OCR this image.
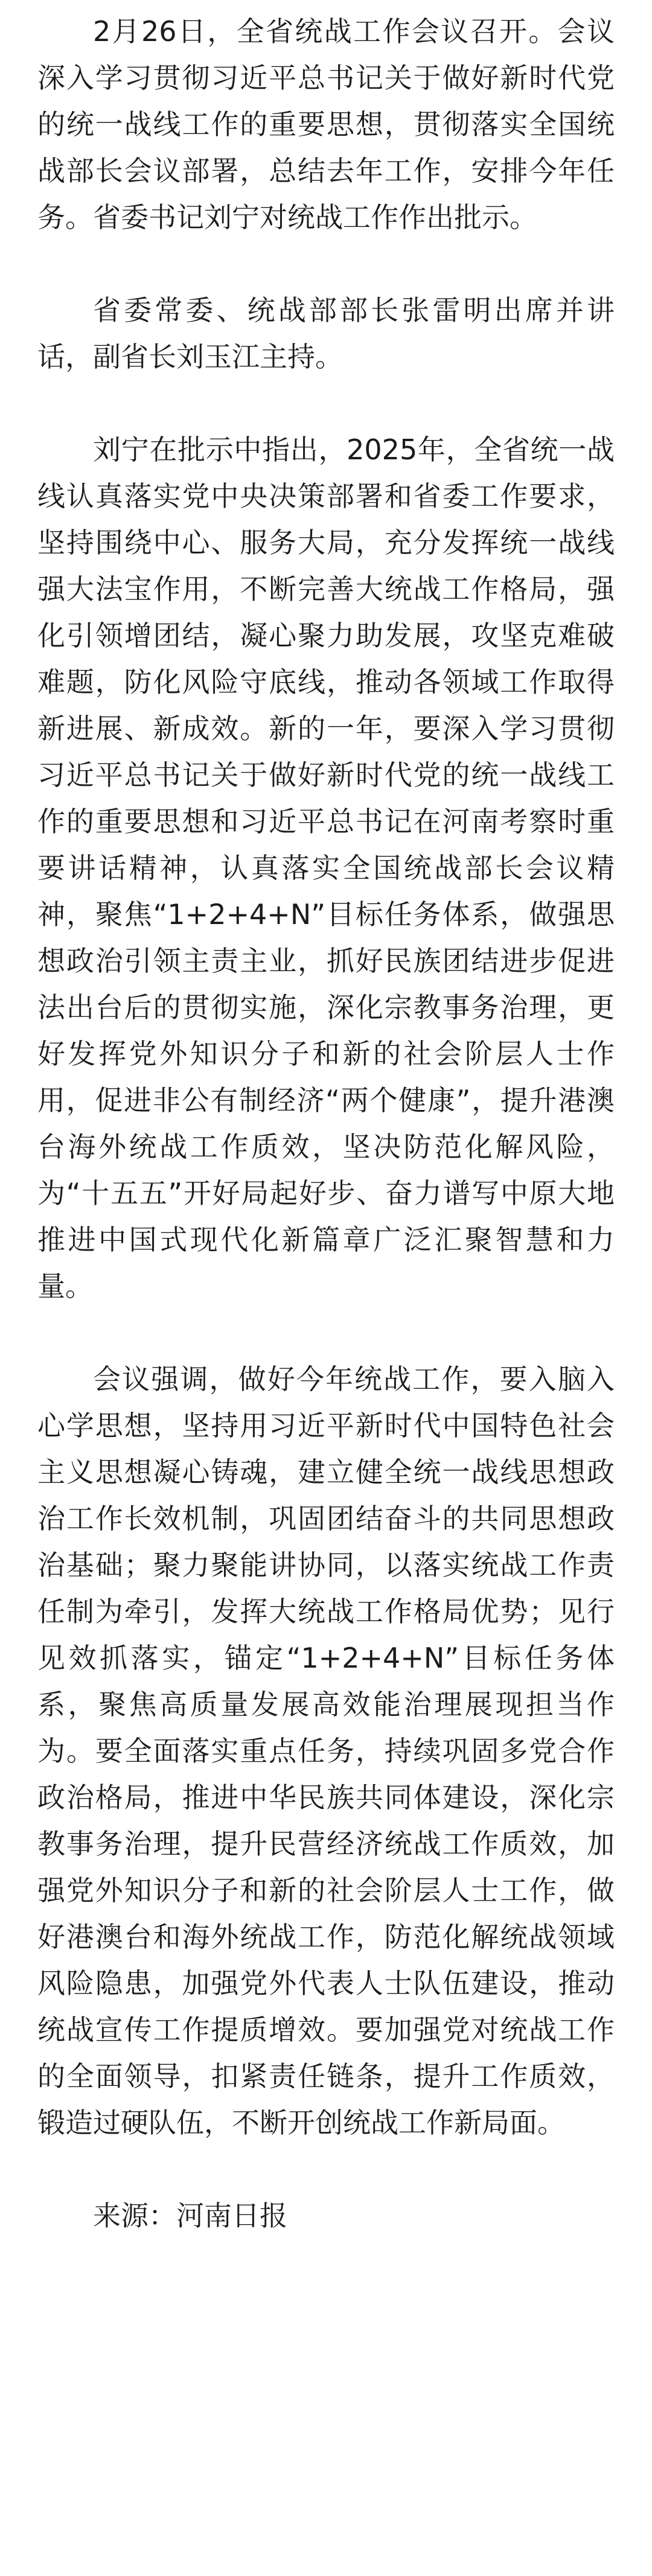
2月26日，全省统战工作会议召开。会议深入学习贯彻习近平总书记关于做好新时代党的统一战线工作的重要思想，贯彻落实全国统战部长会议部署，总结去年工作，安排今年任务。省委书记刘宁对统战工作作出批示。

省委常委、统战部部长张雷明出席并讲话，副省长刘玉江主持。

刘宁在批示中指出，2025年，全省统一战线认真落实党中央决策部署和省委工作要求，坚持围绕中心、服务大局，充分发挥统一战线强大法宝作用，不断完善大统战工作格局，强化引领增团结，凝心聚力助发展，攻坚克难破难题，防化风险守底线，推动各领域工作取得新进展、新成效。新的一年，要深入学习贯彻习近平总书记关于做好新时代党的统一战线工作的重要思想和习近平总书记在河南考察时重要讲话精神，认真落实全国统战部长会议精神，聚焦“1+2+4+N”目标任务体系，做强思想政治引领主责主业，抓好民族团结进步促进法出台后的贯彻实施，深化宗教事务治理，更好发挥党外知识分子和新的社会阶层人士作用，促进非公有制经济“两个健康”，提升港澳台海外统战工作质效，坚决防范化解风险，为“十五五”开好局起好步、奋力谱写中原大地推进中国式现代化新篇章广泛汇聚智慧和力量。

会议强调，做好今年统战工作，要入脑入心学思想，坚持用习近平新时代中国特色社会主义思想凝心铸魂，建立健全统一战线思想政治工作长效机制，巩固团结奋斗的共同思想政治基础；聚力聚能讲协同，以落实统战工作责任制为牵引，发挥大统战工作格局优势；见行见效抓落实，锚定“1+2+4+N”目标任务体系，聚焦高质量发展高效能治理展现担当作为。要全面落实重点任务，持续巩固多党合作政治格局，推进中华民族共同体建设，深化宗教事务治理，提升民营经济统战工作质效，加强党外知识分子和新的社会阶层人士工作，做好港澳台和海外统战工作，防范化解统战领域风险隐患，加强党外代表人士队伍建设，推动统战宣传工作提质增效。要加强党对统战工作的全面领导，扣紧责任链条，提升工作质效，锻造过硬队伍，不断开创统战工作新局面。

来源：河南日报
